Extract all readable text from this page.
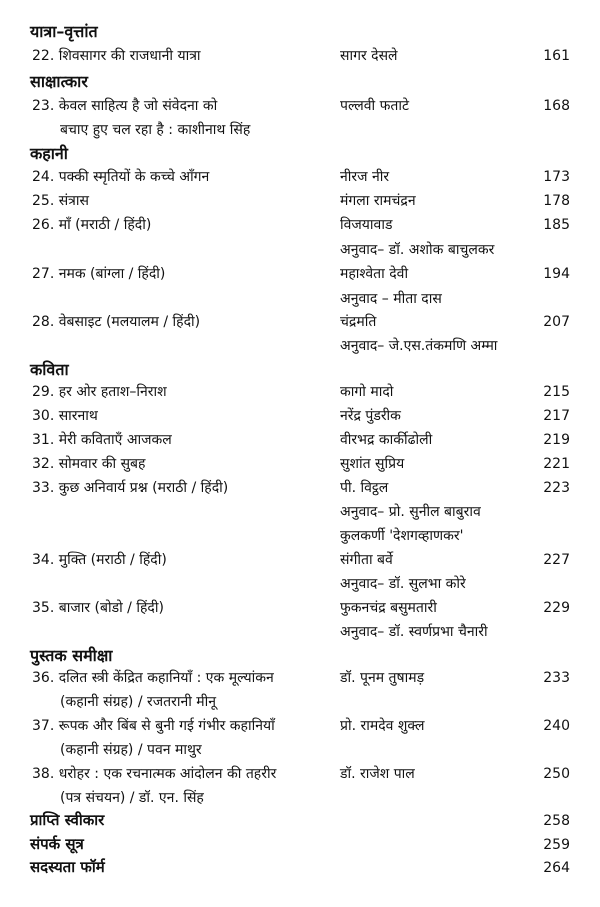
यात्रा–वृत्तांत
22. शिवसागर की राजधानी यात्रा	सागर देसले	161
साक्षात्कार
23. केवल साहित्य है जो संवेदना को
बचाए हुए चल रहा है : काशीनाथ सिंह
पल्लवी फताटे	168
कहानी
24. पक्की स्मृतियों के कच्चे आँगन	नीरज नीर	173
25. संत्रास	मंगला रामचंद्रन	178
26. माँ (मराठी / हिंदी)	विजयावाड	185
अनुवाद– डॉ. अशोक बाचुलकर
27. नमक (बांग्ला / हिंदी)	महाश्वेता देवी	194
अनुवाद – मीता दास
28. वेबसाइट (मलयालम / हिंदी)	चंद्रमति	207
अनुवाद– जे.एस.तंकमणि अम्मा
कविता
29. हर ओर हताश–निराश	कागो मादो	215
30. सारनाथ	नरेंद्र पुंडरीक	217
31. मेरी कविताएँ आजकल	वीरभद्र कार्कीढोली	219
32. सोमवार की सुबह	सुशांत सुप्रिय	221
33. कुछ अनिवार्य प्रश्न (मराठी / हिंदी)	पी. विट्ठल	223
अनुवाद– प्रो. सुनील बाबुराव
कुलकर्णी 'देशगव्हाणकर'
34. मुक्ति (मराठी / हिंदी)	संगीता बर्वे	227
अनुवाद– डॉ. सुलभा कोरे
35. बाजार (बोडो / हिंदी)	फुकनचंद्र बसुमतारी	229
अनुवाद– डॉ. स्वर्णप्रभा चैनारी
पुस्तक समीक्षा
36. दलित स्त्री केंद्रित कहानियाँ : एक मूल्यांकन
(कहानी संग्रह) / रजतरानी मीनू
डॉ. पूनम तुषामड़	233
37. रूपक और बिंब से बुनी गई गंभीर कहानियाँ
(कहानी संग्रह) / पवन माथुर
प्रो. रामदेव शुक्ल	240
38. धरोहर : एक रचनात्मक आंदोलन की तहरीर
(पत्र संचयन) / डॉ. एन. सिंह
डॉ. राजेश पाल	250
प्राप्ति स्वीकार	258
संपर्क सूत्र	259
सदस्यता फॉर्म	264
